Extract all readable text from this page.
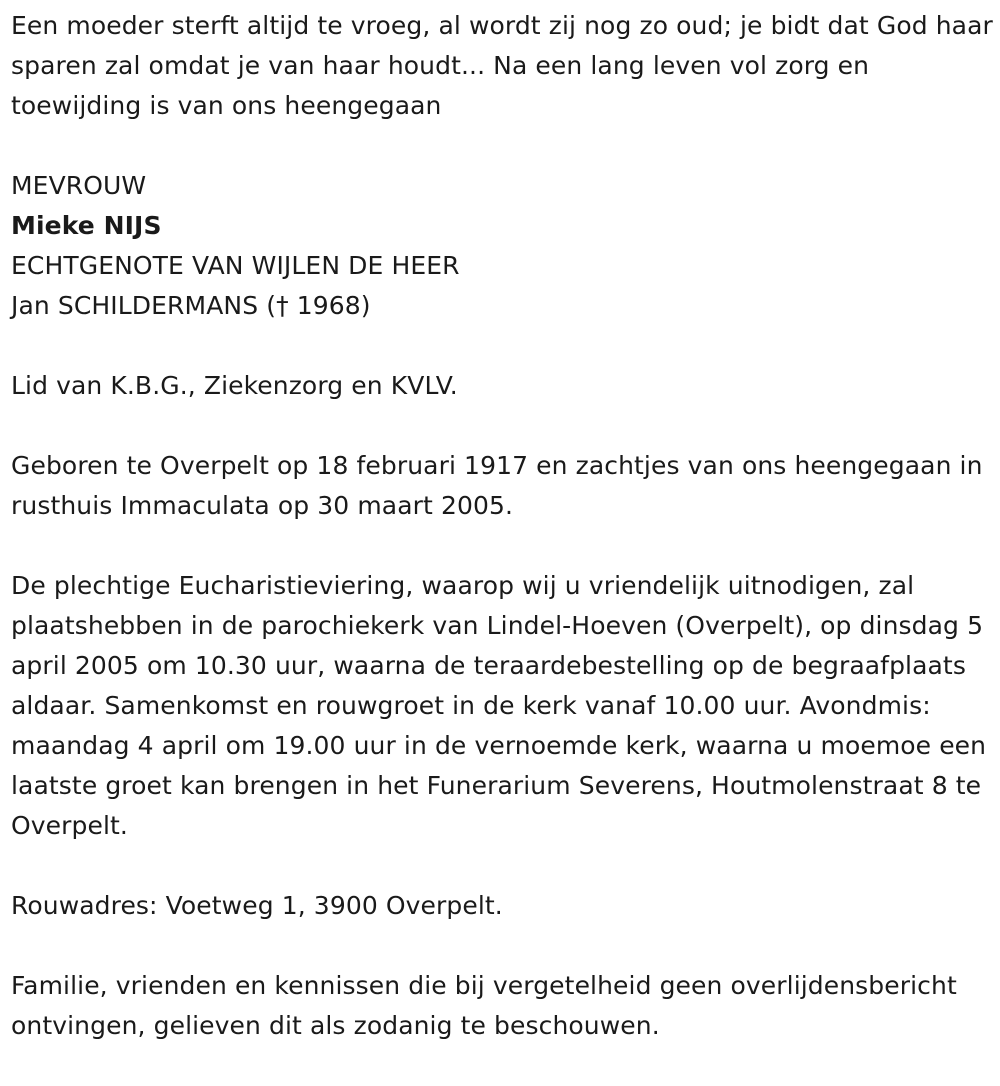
Een moeder sterft altijd te vroeg, al wordt zij nog zo oud; je bidt dat God haar sparen zal omdat je van haar houdt... Na een lang leven vol zorg en toewijding is van ons heengegaan

MEVROUW

Mieke NIJS

ECHTGENOTE VAN WIJLEN DE HEER

Jan SCHILDERMANS († 1968)

Lid van K.B.G., Ziekenzorg en KVLV.

Geboren te Overpelt op 18 februari 1917 en zachtjes van ons heengegaan in rusthuis Immaculata op 30 maart 2005.

De plechtige Eucharistieviering, waarop wij u vriendelijk uitnodigen, zal plaatshebben in de parochiekerk van Lindel-Hoeven (Overpelt), op dinsdag 5 april 2005 om 10.30 uur, waarna de teraardebestelling op de begraafplaats aldaar. Samenkomst en rouwgroet in de kerk vanaf 10.00 uur. Avondmis: maandag 4 april om 19.00 uur in de vernoemde kerk, waarna u moemoe een laatste groet kan brengen in het Funerarium Severens, Houtmolenstraat 8 te Overpelt.

Rouwadres: Voetweg 1, 3900 Overpelt.

Familie, vrienden en kennissen die bij vergetelheid geen overlijdensbericht ontvingen, gelieven dit als zodanig te beschouwen.
